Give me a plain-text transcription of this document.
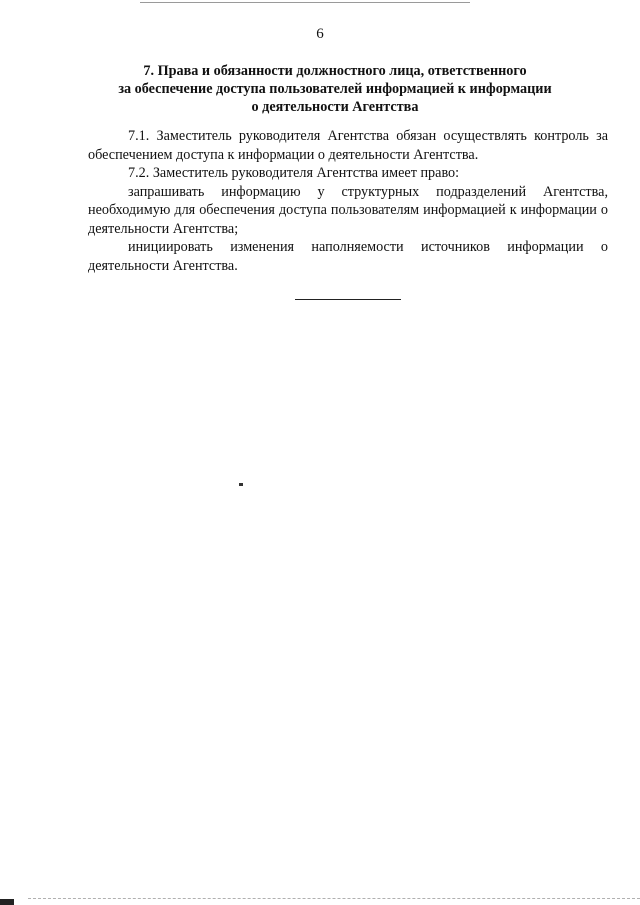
6
7. Права и обязанности должностного лица, ответственного
за обеспечение доступа пользователей информацией к информации
о деятельности Агентства

7.1. Заместитель руководителя Агентства обязан осуществлять контроль за обеспечением доступа к информации о деятельности Агентства.

7.2. Заместитель руководителя Агентства имеет право:

запрашивать информацию у структурных подразделений Агентства, необходимую для обеспечения доступа пользователям информацией к информации о деятельности Агентства;

инициировать изменения наполняемости источников информации о деятельности Агентства.
